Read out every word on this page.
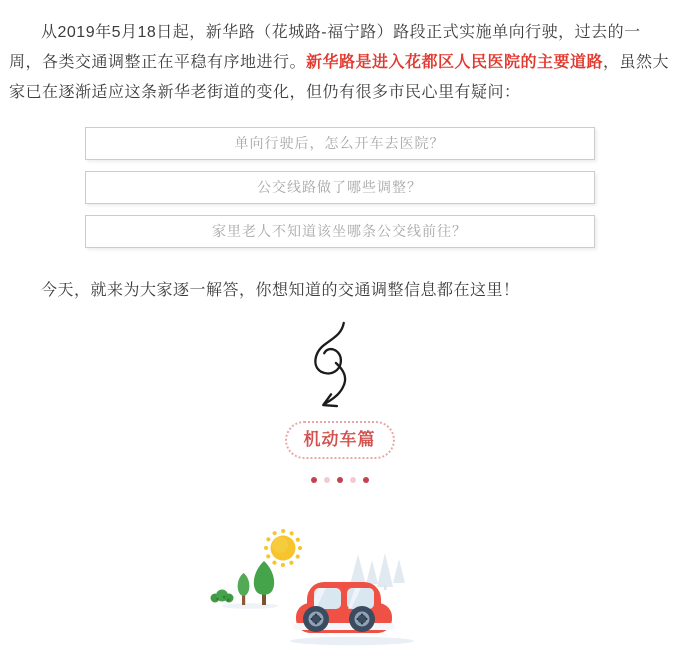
从2019年5月18日起，新华路（花城路-福宁路）路段正式实施单向行驶，过去的一周，各类交通调整正在平稳有序地进行。新华路是进入花都区人民医院的主要道路，虽然大家已在逐渐适应这条新华老街道的变化，但仍有很多市民心里有疑问：

单向行驶后，怎么开车去医院？
公交线路做了哪些调整？
家里老人不知道该坐哪条公交线前往？

今天，就来为大家逐一解答，你想知道的交通调整信息都在这里！

机动车篇
